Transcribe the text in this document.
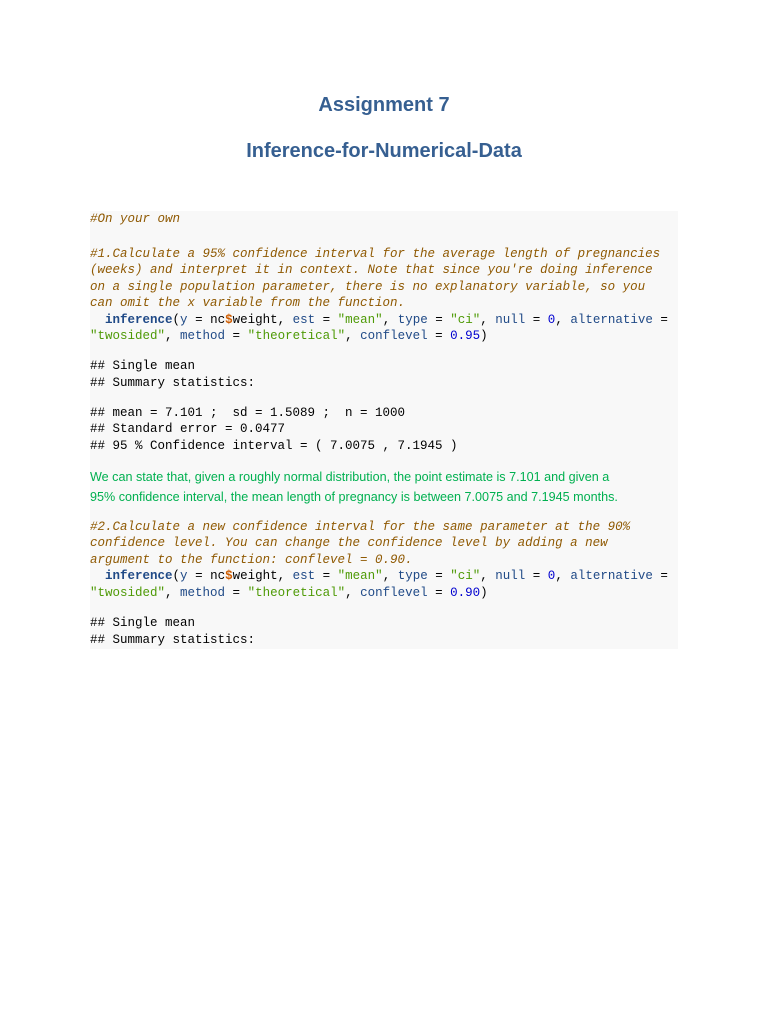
Assignment 7
Inference-for-Numerical-Data
#On your own
#1.Calculate a 95% confidence interval for the average length of pregnancies
(weeks) and interpret it in context. Note that since you're doing inference
on a single population parameter, there is no explanatory variable, so you
can omit the x variable from the function.
inference(y = nc$weight, est = "mean", type = "ci", null = 0, alternative =
"twosided", method = "theoretical", conflevel = 0.95)
## Single mean
## Summary statistics:
## mean = 7.101 ;  sd = 1.5089 ;  n = 1000
## Standard error = 0.0477
## 95 % Confidence interval = ( 7.0075 , 7.1945 )
We can state that, given a roughly normal distribution, the point estimate is 7.101 and given a
95% confidence interval, the mean length of pregnancy is between 7.0075 and 7.1945 months.
#2.Calculate a new confidence interval for the same parameter at the 90%
confidence level. You can change the confidence level by adding a new
argument to the function: conflevel = 0.90.
inference(y = nc$weight, est = "mean", type = "ci", null = 0, alternative =
"twosided", method = "theoretical", conflevel = 0.90)
## Single mean
## Summary statistics:
